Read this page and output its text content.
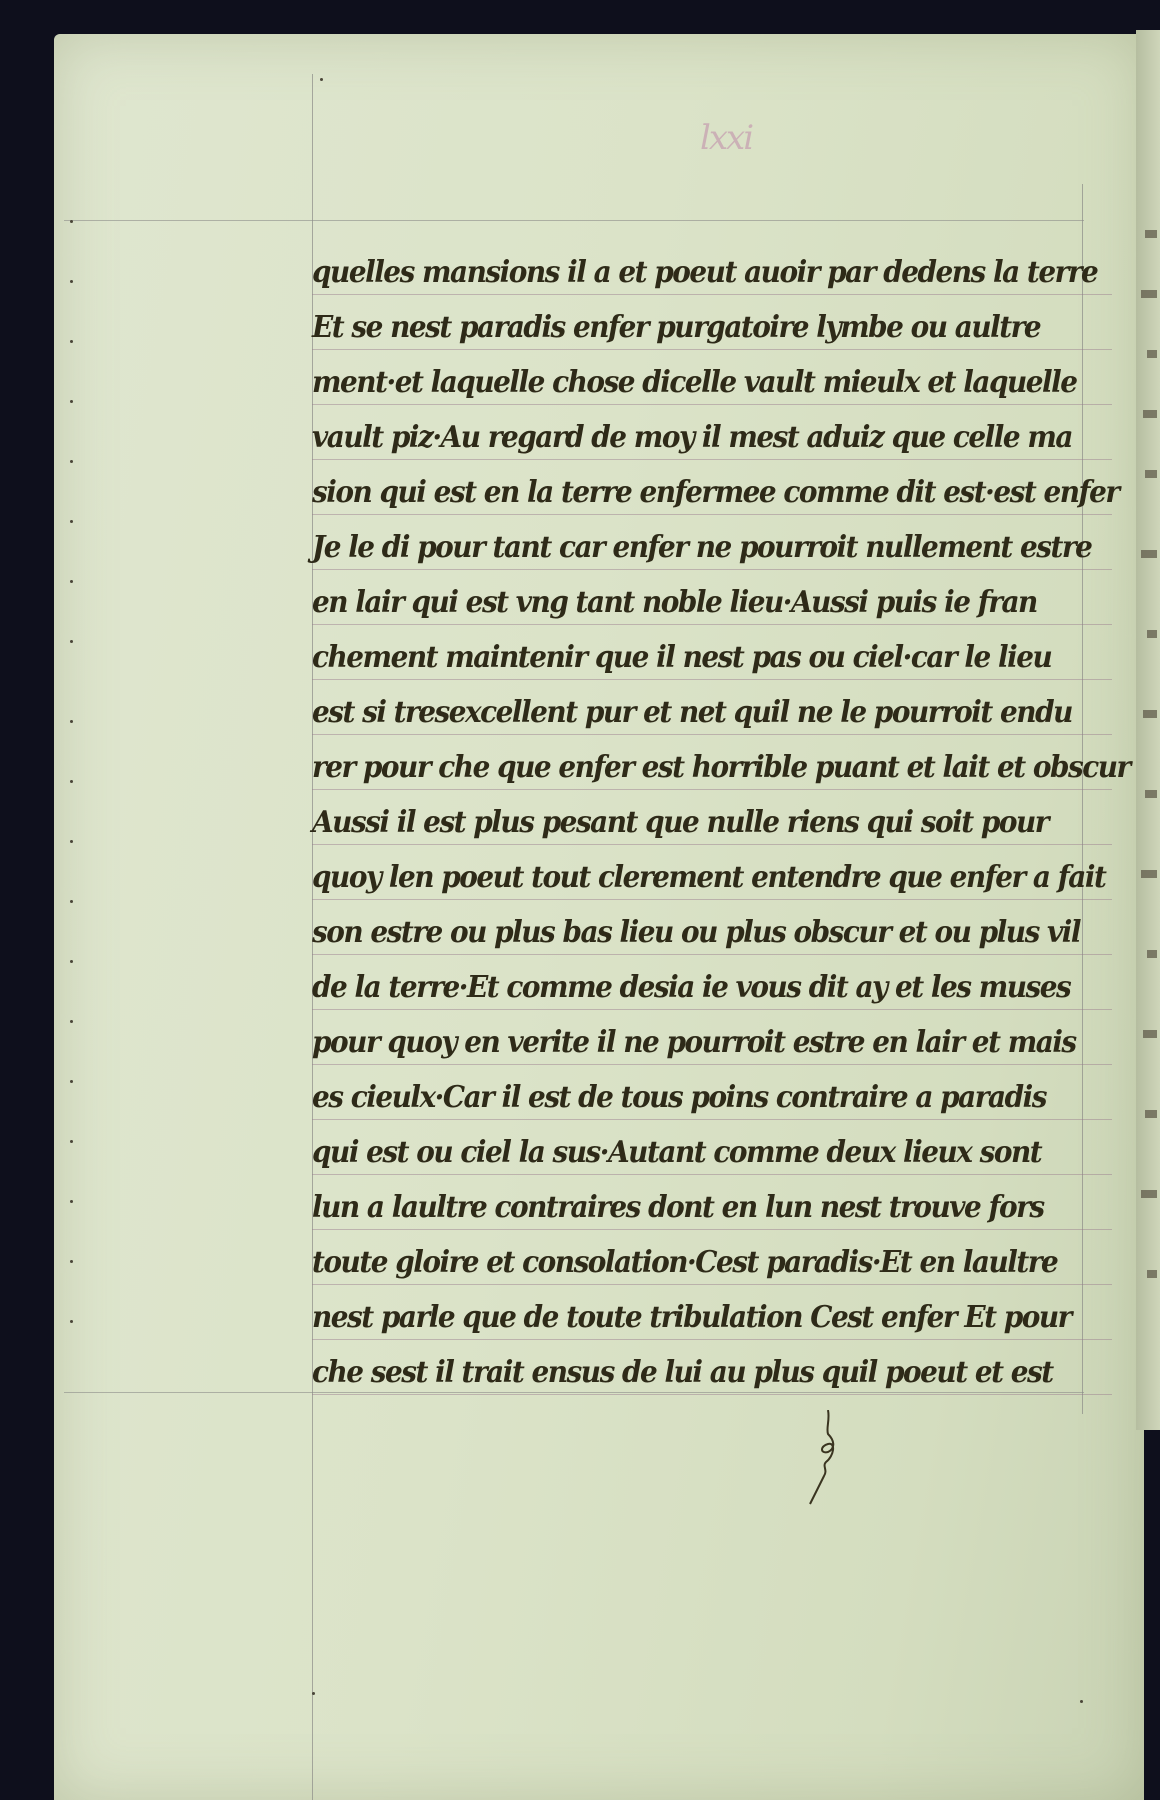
lxxi
quelles mansions il a et poeut auoir par dedens la terre
Et se nest paradis enfer purgatoire lymbe ou aultre
ment·et laquelle chose dicelle vault mieulx et laquelle
vault piz·Au regard de moy il mest aduiz que celle ma
sion qui est en la terre enfermee comme dit est·est enfer
Je le di pour tant car enfer ne pourroit nullement estre
en lair qui est vng tant noble lieu·Aussi puis ie fran
chement maintenir que il nest pas ou ciel·car le lieu
est si tresexcellent pur et net quil ne le pourroit endu
rer pour che que enfer est horrible puant et lait et obscur
Aussi il est plus pesant que nulle riens qui soit pour
quoy len poeut tout clerement entendre que enfer a fait
son estre ou plus bas lieu ou plus obscur et ou plus vil
de la terre·Et comme desia ie vous dit ay et les muses
pour quoy en verite il ne pourroit estre en lair et mais
es cieulx·Car il est de tous poins contraire a paradis
qui est ou ciel la sus·Autant comme deux lieux sont
lun a laultre contraires dont en lun nest trouve fors
toute gloire et consolation·Cest paradis·Et en laultre
nest parle que de toute tribulation Cest enfer Et pour
che sest il trait ensus de lui au plus quil poeut et est
